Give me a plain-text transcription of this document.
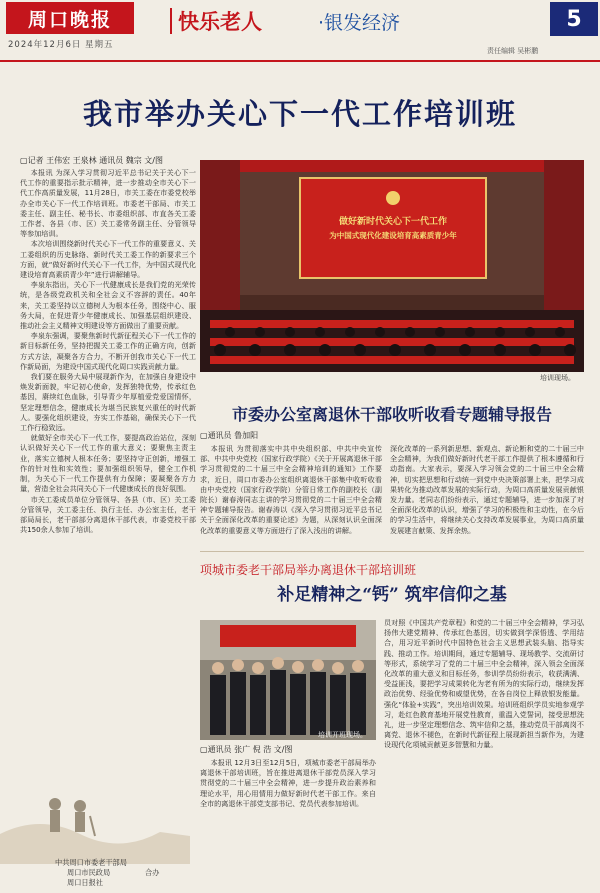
周口晚报
2024年12月6日 星期五
快乐老人	·银发经济
责任编辑 吴彬鹏
5
我市举办关心下一代工作培训班
▢记者 王伟宏 王泉林 通讯员 魏宗 文/图

本报讯 为深入学习贯彻习近平总书记关于关心下一代工作的重要指示批示精神，进一步推动全市关心下一代工作高质量发展，11月28日，市关工委在市委党校举办全市关心下一代工作培训班。市委老干部局、市关工委主任、副主任、秘书长、市委组织部、市直各关工委工作者、各县（市、区）关工委常务副主任、分管领导等参加培训。

本次培训围绕新时代关心下一代工作的重要意义、关工委组织的历史脉络、新时代关工委工作的新要求三个方面，就“做好新时代关心下一代工作，为中国式现代化建设培育高素质青少年”进行讲解辅导。

李泉东指出，关心下一代健康成长是我们党的光荣传统，是各级党政机关和全社会义不容辞的责任。40年来，关工委坚持以立德树人为根本任务，围绕中心、服务大局，在促进青少年健康成长、加强基层组织建设、推动社会主义精神文明建设等方面做出了重要贡献。

李泉东强调，要聚焦新时代新征程关心下一代工作的新目标新任务，坚持把握关工委工作的正确方向，创新方式方法，凝聚各方合力，不断开创我市关心下一代工作新局面，为建设中国式现代化周口实践贡献力量。

我们要在服务大局中展现新作为，在加强自身建设中焕发新面貌，牢记初心使命，发挥独特优势，传承红色基因，赓续红色血脉，引导青少年厚植爱党爱国情怀，坚定理想信念，健康成长为堪当民族复兴重任的时代新人。要强化组织建设，夯实工作基础，确保关心下一代工作行稳致远。

就做好全市关心下一代工作，要提高政治站位，深刻认识做好关心下一代工作的重大意义；要聚焦主责主业，落实立德树人根本任务；要坚持守正创新，增强工作的针对性和实效性；要加强组织领导，健全工作机制，为关心下一代工作提供有力保障；要凝聚各方力量，营造全社会共同关心下一代健康成长的良好氛围。

市关工委成员单位分管领导、各县（市、区）关工委分管领导，关工委主任、执行主任、办公室主任，老干部局局长，老干部部分离退休干部代表，市委党校干部共150余人参加了培训。

做好新时代关心下一代工作
为中国式现代化建设培育高素质青少年
培训现场。
市委办公室离退休干部收听收看专题辅导报告
▢通讯员 鲁加阳

本报讯 为贯彻落实中共中央组织部、中共中央宣传部、中共中央党校（国家行政学院）《关于开展离退休干部学习贯彻党的二十届三中全会精神培训的通知》工作要求，近日，周口市委办公室组织离退休干部集中收听收看由中央党校（国家行政学院）分管日常工作的副校长（副院长）谢春涛同志主讲的学习贯彻党的二十届三中全会精神专题辅导报告。谢春涛以《深入学习贯彻习近平总书记关于全面深化改革的重要论述》为题，从深刻认识全面深化改革的重要意义等方面进行了深入浅出的讲解。

深化改革的一系列新思想、新观点、新论断和党的二十届三中全会精神，为我们做好新时代老干部工作提供了根本遵循和行动指南。大家表示，要深入学习领会党的二十届三中全会精神，切实把思想和行动统一到党中央决策部署上来，把学习成果转化为推动改革发展的实际行动，为周口高质量发展贡献银发力量。老同志们纷纷表示，通过专题辅导，进一步加深了对全面深化改革的认识，增强了学习的积极性和主动性，在今后的学习生活中，将继续关心支持改革发展事业，为周口高质量发展建言献策、发挥余热。

项城市委老干部局举办离退休干部培训班
补足精神之“钙” 筑牢信仰之基
培训开班现场。
▢通讯员 张广 倪 浩 文/图

本报讯 12月3日至12月5日，项城市委老干部局举办离退休干部培训班，旨在推进离退休干部党员深入学习贯彻党的二十届三中全会精神，进一步提升政治素养和理论水平，用心用情用力做好新时代老干部工作。来自全市的离退休干部党支部书记、党员代表参加培训。

员对照《中国共产党章程》和党的二十届三中全会精神，学习弘扬伟大建党精神、传承红色基因，切实做到学深悟透、学用结合，用习近平新时代中国特色社会主义思想武装头脑、指导实践、推动工作。培训期间，通过专题辅导、现场教学、交流研讨等形式，系统学习了党的二十届三中全会精神，深入领会全面深化改革的重大意义和目标任务，参训学员纷纷表示，收获满满、受益匪浅，要把学习成果转化为老有所为的实际行动，继续发挥政治优势、经验优势和威望优势，在各自岗位上释放银发能量。强化“体验+实践”，突出培训效果。培训班组织学员实地参观学习，赴红色教育基地开展党性教育，重温入党誓词，接受思想洗礼，进一步坚定理想信念、筑牢信仰之基，推动党员干部离岗不离党、退休不褪色，在新时代新征程上展现新担当新作为，为建设现代化项城贡献更多智慧和力量。

中共周口市委老干部局
周口市民政局
周口日报社
合办
